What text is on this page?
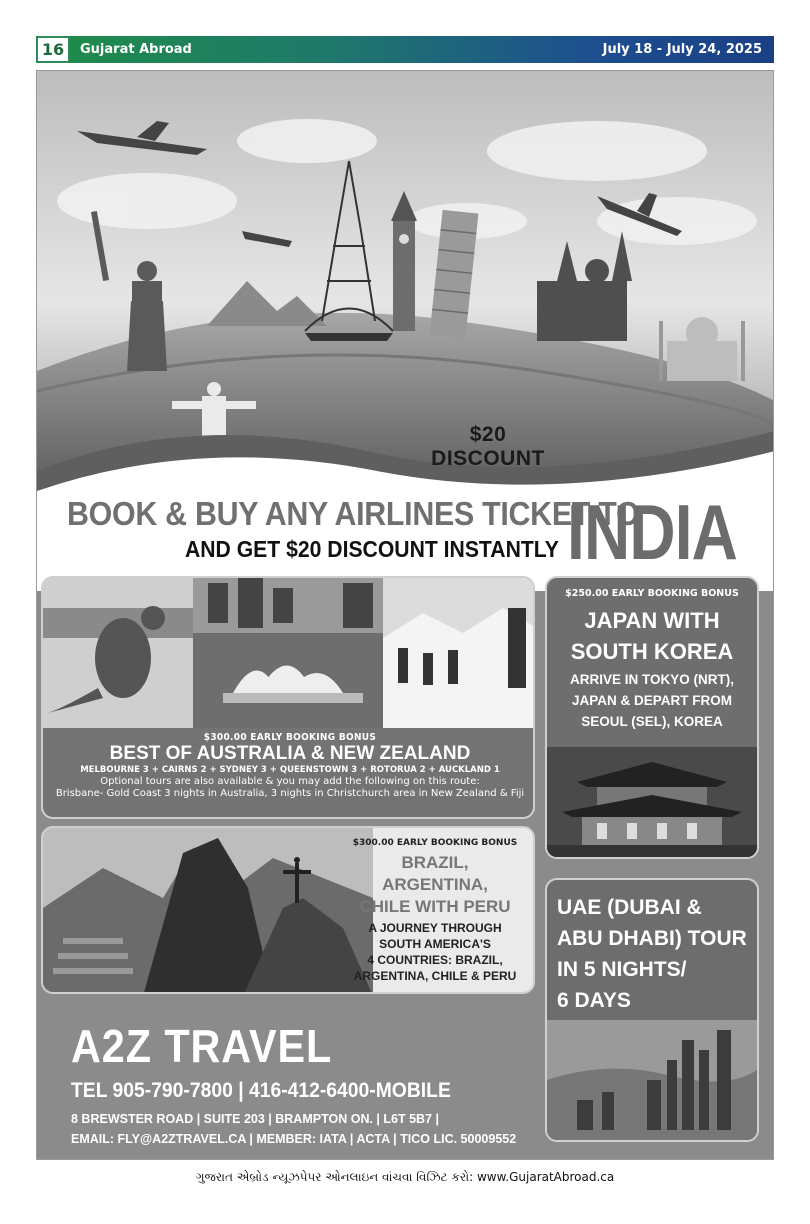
16	Gujarat Abroad	July 18 - July 24, 2025
$20
DISCOUNT
BOOK & BUY ANY AIRLINES TICKET TO
AND GET $20 DISCOUNT INSTANTLY INDIA
$300.00 EARLY BOOKING BONUS
BEST OF AUSTRALIA & NEW ZEALAND
MELBOURNE 3 + CAIRNS 2 + SYDNEY 3 + QUEENSTOWN 3 + ROTORUA 2 + AUCKLAND 1
Optional tours are also available & you may add the following on this route:
Brisbane- Gold Coast 3 nights in Australia, 3 nights in Christchurch area in New Zealand & Fiji
$250.00 EARLY BOOKING BONUS
JAPAN WITH
SOUTH KOREA
ARRIVE IN TOKYO (NRT),
JAPAN & DEPART FROM
SEOUL (SEL), KOREA
$300.00 EARLY BOOKING BONUS
BRAZIL, ARGENTINA,
CHILE WITH PERU
A JOURNEY THROUGH
SOUTH AMERICA'S
4 COUNTRIES: BRAZIL,
ARGENTINA, CHILE & PERU
UAE (DUBAI &
ABU DHABI) TOUR
IN 5 NIGHTS/
6 DAYS
A2Z TRAVEL
TEL 905-790-7800 | 416-412-6400-MOBILE
8 BREWSTER ROAD | SUITE 203 | BRAMPTON ON. | L6T 5B7 |
EMAIL: FLY@A2ZTRAVEL.CA | MEMBER: IATA | ACTA | TICO LIC. 50009552
ગુજરાત એબ્રોડ ન્યૂઝપેપર ઓનલાઇન વાંચવા વિઝિટ કરો: www.GujaratAbroad.ca
